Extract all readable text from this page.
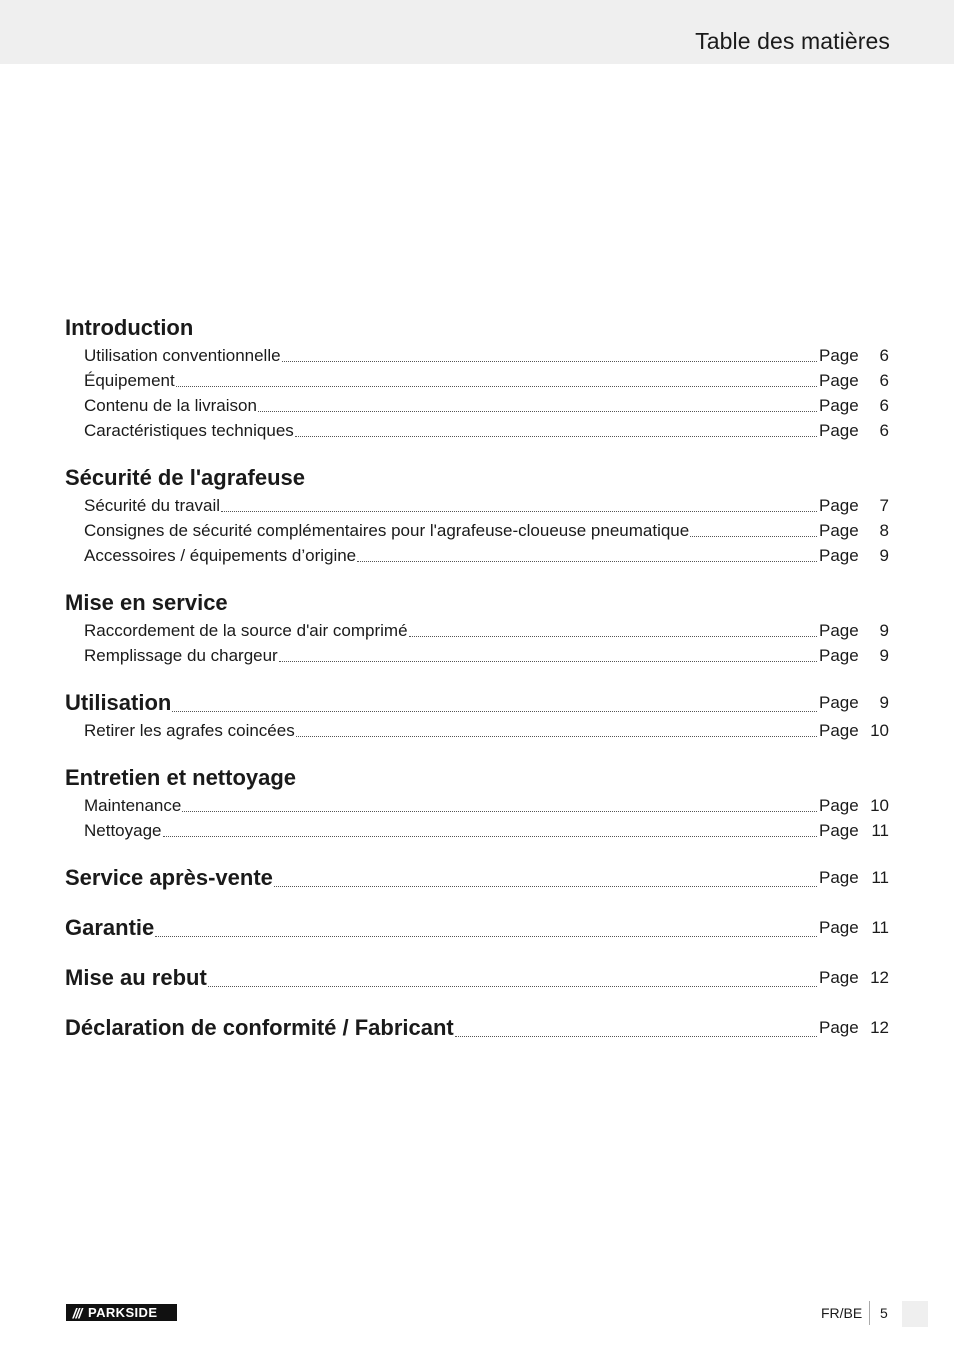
Table des matières
Introduction
Utilisation conventionnelle	Page	6
Équipement	Page	6
Contenu de la livraison	Page	6
Caractéristiques techniques	Page	6
Sécurité de l'agrafeuse
Sécurité du travail	Page	7
Consignes de sécurité complémentaires pour l'agrafeuse-cloueuse pneumatique	Page	8
Accessoires / équipements d’origine	Page	9
Mise en service
Raccordement de la source d'air comprimé	Page	9
Remplissage du chargeur	Page	9
Utilisation	Page	9
Retirer les agrafes coincées	Page 10
Entretien et nettoyage
Maintenance	Page 10
Nettoyage	Page 11
Service après-vente	Page 11
Garantie	Page 11
Mise au rebut	Page 12
Déclaration de conformité / Fabricant	Page 12
/// PARKSIDE	FR/BE 5
